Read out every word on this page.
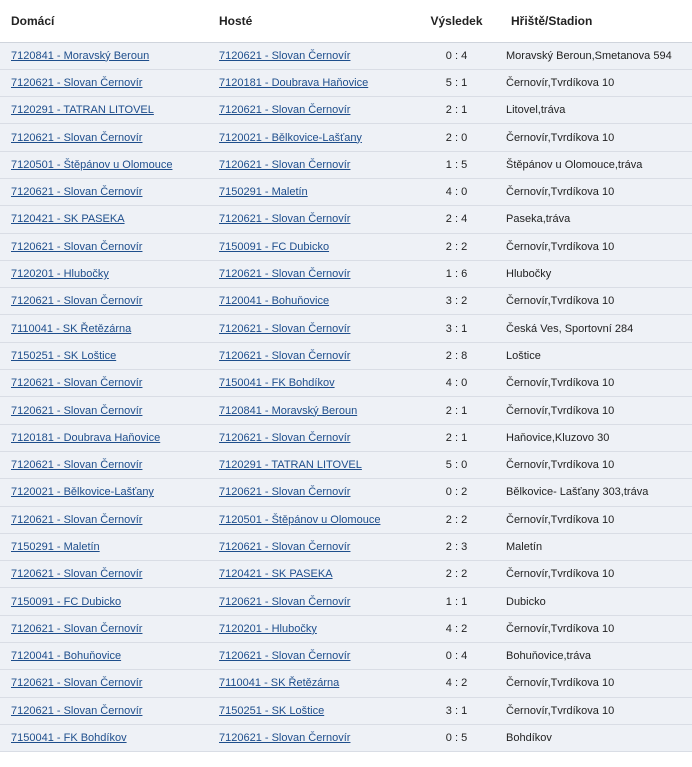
Domácí	Hosté	Výsledek	Hřiště/Stadion
7120841 - Moravský Beroun	7120621 - Slovan Černovír	0 : 4	Moravský Beroun,Smetanova 594
7120621 - Slovan Černovír	7120181 - Doubrava Haňovice	5 : 1	Černovír,Tvrdíkova 10
7120291 - TATRAN LITOVEL	7120621 - Slovan Černovír	2 : 1	Litovel,tráva
7120621 - Slovan Černovír	7120021 - Bělkovice-Lašťany	2 : 0	Černovír,Tvrdíkova 10
7120501 - Štěpánov u Olomouce	7120621 - Slovan Černovír	1 : 5	Štěpánov u Olomouce,tráva
7120621 - Slovan Černovír	7150291 - Maletín	4 : 0	Černovír,Tvrdíkova 10
7120421 - SK PASEKA	7120621 - Slovan Černovír	2 : 4	Paseka,tráva
7120621 - Slovan Černovír	7150091 - FC Dubicko	2 : 2	Černovír,Tvrdíkova 10
7120201 - Hlubočky	7120621 - Slovan Černovír	1 : 6	Hlubočky
7120621 - Slovan Černovír	7120041 - Bohuňovice	3 : 2	Černovír,Tvrdíkova 10
7110041 - SK Řetězárna	7120621 - Slovan Černovír	3 : 1	Česká Ves, Sportovní 284
7150251 - SK Loštice	7120621 - Slovan Černovír	2 : 8	Loštice
7120621 - Slovan Černovír	7150041 - FK Bohdíkov	4 : 0	Černovír,Tvrdíkova 10
7120621 - Slovan Černovír	7120841 - Moravský Beroun	2 : 1	Černovír,Tvrdíkova 10
7120181 - Doubrava Haňovice	7120621 - Slovan Černovír	2 : 1	Haňovice,Kluzovo 30
7120621 - Slovan Černovír	7120291 - TATRAN LITOVEL	5 : 0	Černovír,Tvrdíkova 10
7120021 - Bělkovice-Lašťany	7120621 - Slovan Černovír	0 : 2	Bělkovice- Lašťany 303,tráva
7120621 - Slovan Černovír	7120501 - Štěpánov u Olomouce	2 : 2	Černovír,Tvrdíkova 10
7150291 - Maletín	7120621 - Slovan Černovír	2 : 3	Maletín
7120621 - Slovan Černovír	7120421 - SK PASEKA	2 : 2	Černovír,Tvrdíkova 10
7150091 - FC Dubicko	7120621 - Slovan Černovír	1 : 1	Dubicko
7120621 - Slovan Černovír	7120201 - Hlubočky	4 : 2	Černovír,Tvrdíkova 10
7120041 - Bohuňovice	7120621 - Slovan Černovír	0 : 4	Bohuňovice,tráva
7120621 - Slovan Černovír	7110041 - SK Řetězárna	4 : 2	Černovír,Tvrdíkova 10
7120621 - Slovan Černovír	7150251 - SK Loštice	3 : 1	Černovír,Tvrdíkova 10
7150041 - FK Bohdíkov	7120621 - Slovan Černovír	0 : 5	Bohdíkov
